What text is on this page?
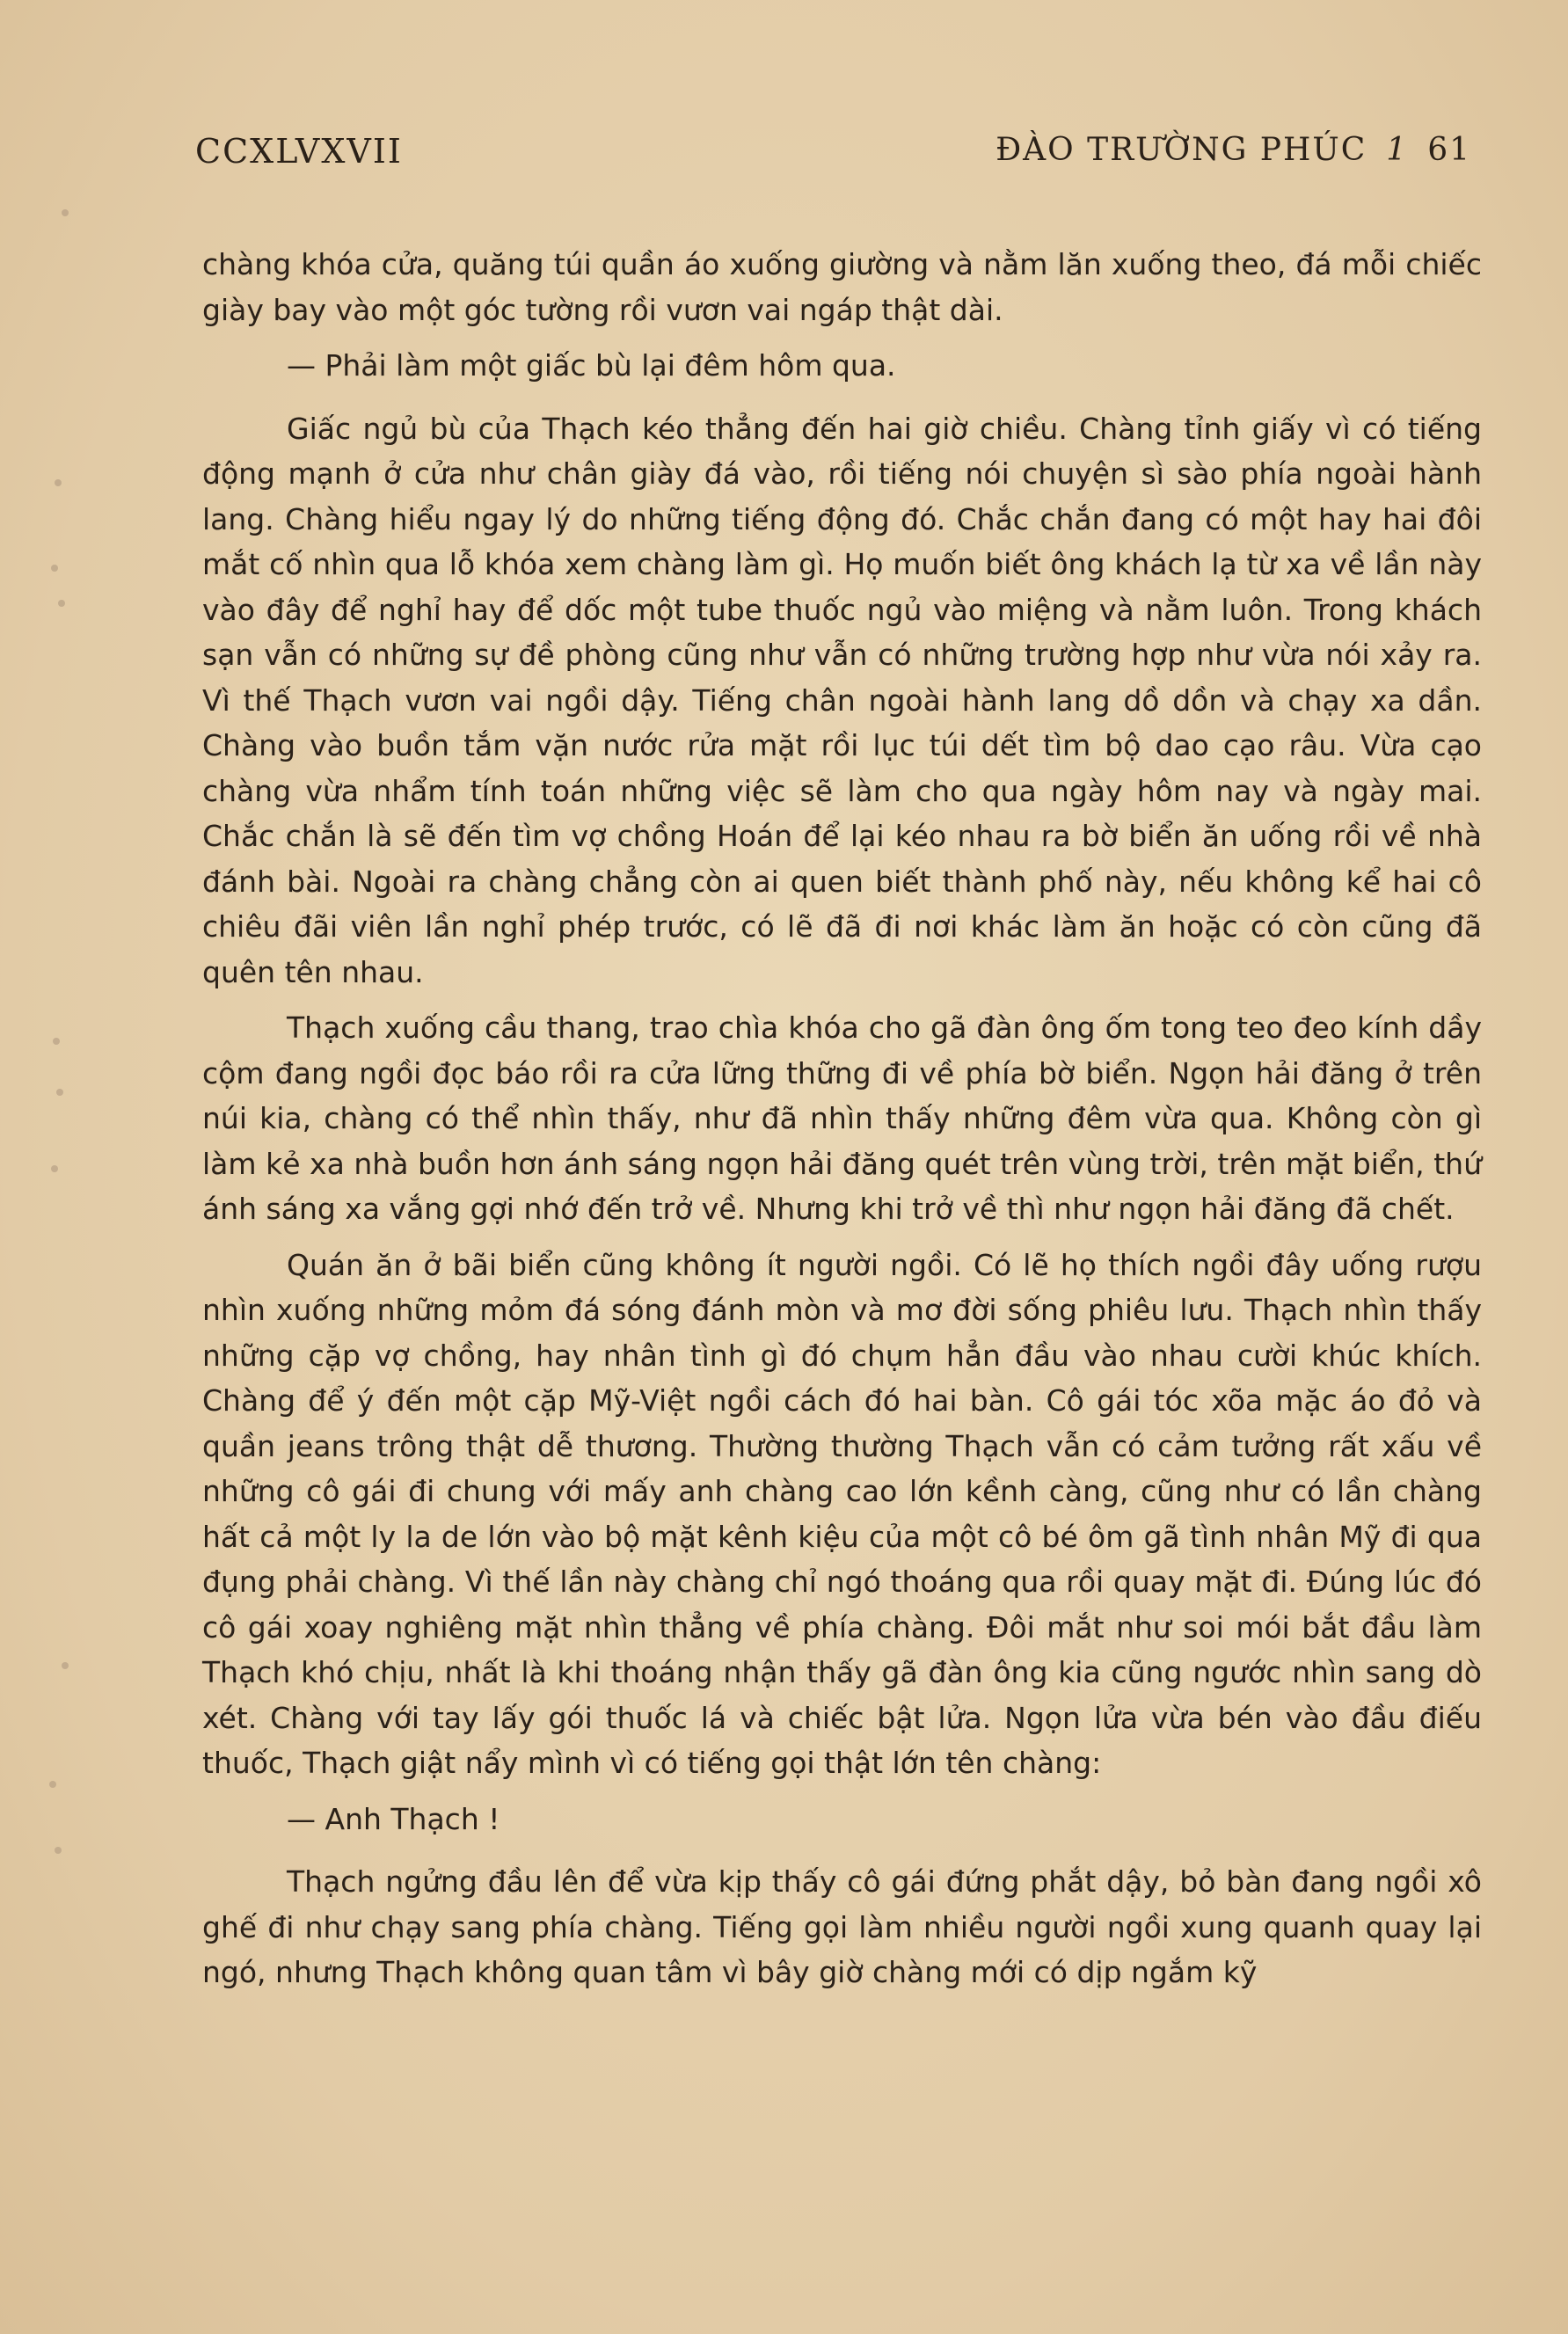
CCXLVXVII	ĐÀO TRƯỜNG PHÚC 1 61

chàng khóa cửa, quăng túi quần áo xuống giường và nằm lăn xuống theo, đá mỗi chiếc giày bay vào một góc tường rồi vươn vai ngáp thật dài.

— Phải làm một giấc bù lại đêm hôm qua.

Giấc ngủ bù của Thạch kéo thẳng đến hai giờ chiều. Chàng tỉnh giấy vì có tiếng động mạnh ở cửa như chân giày đá vào, rồi tiếng nói chuyện sì sào phía ngoài hành lang. Chàng hiểu ngay lý do những tiếng động đó. Chắc chắn đang có một hay hai đôi mắt cố nhìn qua lỗ khóa xem chàng làm gì. Họ muốn biết ông khách lạ từ xa về lần này vào đây để nghỉ hay để dốc một tube thuốc ngủ vào miệng và nằm luôn. Trong khách sạn vẫn có những sự đề phòng cũng như vẫn có những trường hợp như vừa nói xảy ra. Vì thế Thạch vươn vai ngồi dậy. Tiếng chân ngoài hành lang dồ dồn và chạy xa dần. Chàng vào buồn tắm vặn nước rửa mặt rồi lục túi dết tìm bộ dao cạo râu. Vừa cạo chàng vừa nhẩm tính toán những việc sẽ làm cho qua ngày hôm nay và ngày mai. Chắc chắn là sẽ đến tìm vợ chồng Hoán để lại kéo nhau ra bờ biển ăn uống rồi về nhà đánh bài. Ngoài ra chàng chẳng còn ai quen biết thành phố này, nếu không kể hai cô chiêu đãi viên lần nghỉ phép trước, có lẽ đã đi nơi khác làm ăn hoặc có còn cũng đã quên tên nhau.

Thạch xuống cầu thang, trao chìa khóa cho gã đàn ông ốm tong teo đeo kính dầy cộm đang ngồi đọc báo rồi ra cửa lững thững đi về phía bờ biển. Ngọn hải đăng ở trên núi kia, chàng có thể nhìn thấy, như đã nhìn thấy những đêm vừa qua. Không còn gì làm kẻ xa nhà buồn hơn ánh sáng ngọn hải đăng quét trên vùng trời, trên mặt biển, thứ ánh sáng xa vắng gợi nhớ đến trở về. Nhưng khi trở về thì như ngọn hải đăng đã chết.

Quán ăn ở bãi biển cũng không ít người ngồi. Có lẽ họ thích ngồi đây uống rượu nhìn xuống những mỏm đá sóng đánh mòn và mơ đời sống phiêu lưu. Thạch nhìn thấy những cặp vợ chồng, hay nhân tình gì đó chụm hẳn đầu vào nhau cười khúc khích. Chàng để ý đến một cặp Mỹ-Việt ngồi cách đó hai bàn. Cô gái tóc xõa mặc áo đỏ và quần jeans trông thật dễ thương. Thường thường Thạch vẫn có cảm tưởng rất xấu về những cô gái đi chung với mấy anh chàng cao lớn kềnh càng, cũng như có lần chàng hất cả một ly la de lớn vào bộ mặt kênh kiệu của một cô bé ôm gã tình nhân Mỹ đi qua đụng phải chàng. Vì thế lần này chàng chỉ ngó thoáng qua rồi quay mặt đi. Đúng lúc đó cô gái xoay nghiêng mặt nhìn thẳng về phía chàng. Đôi mắt như soi mói bắt đầu làm Thạch khó chịu, nhất là khi thoáng nhận thấy gã đàn ông kia cũng ngước nhìn sang dò xét. Chàng với tay lấy gói thuốc lá và chiếc bật lửa. Ngọn lửa vừa bén vào đầu điếu thuốc, Thạch giật nẩy mình vì có tiếng gọi thật lớn tên chàng:

— Anh Thạch !

Thạch ngửng đầu lên để vừa kịp thấy cô gái đứng phắt dậy, bỏ bàn đang ngồi xô ghế đi như chạy sang phía chàng. Tiếng gọi làm nhiều người ngồi xung quanh quay lại ngó, nhưng Thạch không quan tâm vì bây giờ chàng mới có dịp ngắm kỹ
